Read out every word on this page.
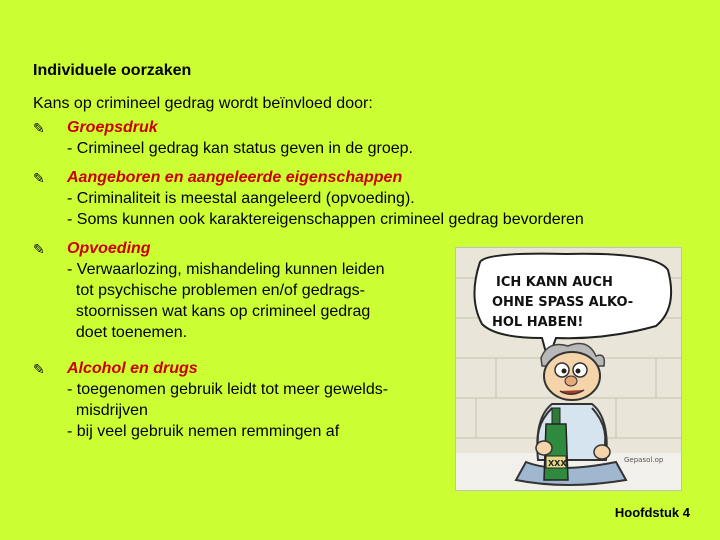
Individuele oorzaken
Kans op crimineel gedrag wordt beïnvloed door:
✎ Groepsdruk
- Crimineel gedrag kan status geven in de groep.
✎ Aangeboren en aangeleerde eigenschappen
- Criminaliteit is meestal aangeleerd (opvoeding).
- Soms kunnen ook karaktereigenschappen crimineel gedrag bevorderen
✎ Opvoeding
- Verwaarlozing, mishandeling kunnen leiden
tot psychische problemen en/of gedrags-
stoornissen wat kans op crimineel gedrag
doet toenemen.
✎ Alcohol en drugs
- toegenomen gebruik leidt tot meer gewelds-
misdrijven
- bij veel gebruik nemen remmingen af
ICH KANN AUCH
OHNE SPASS ALKO-
HOL HABEN!
XXX	Gepasol.op
Hoofdstuk 4
